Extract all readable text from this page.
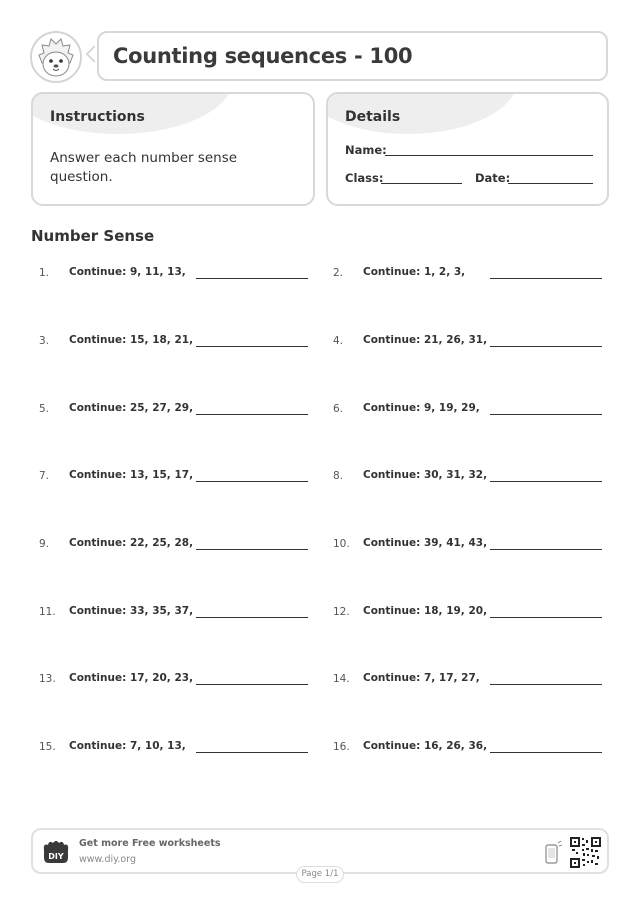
Counting sequences - 100
Instructions
Answer each number sense question.
Details
Name:
Class:	Date:
Number Sense
1. Continue: 9, 11, 13,	2. Continue: 1, 2, 3,
3. Continue: 15, 18, 21,	4. Continue: 21, 26, 31,
5. Continue: 25, 27, 29,	6. Continue: 9, 19, 29,
7. Continue: 13, 15, 17,	8. Continue: 30, 31, 32,
9. Continue: 22, 25, 28,	10. Continue: 39, 41, 43,
11. Continue: 33, 35, 37,	12. Continue: 18, 19, 20,
13. Continue: 17, 20, 23,	14. Continue: 7, 17, 27,
15. Continue: 7, 10, 13,	16. Continue: 16, 26, 36,
DIY
Get more Free worksheets
www.diy.org
Page 1/1
